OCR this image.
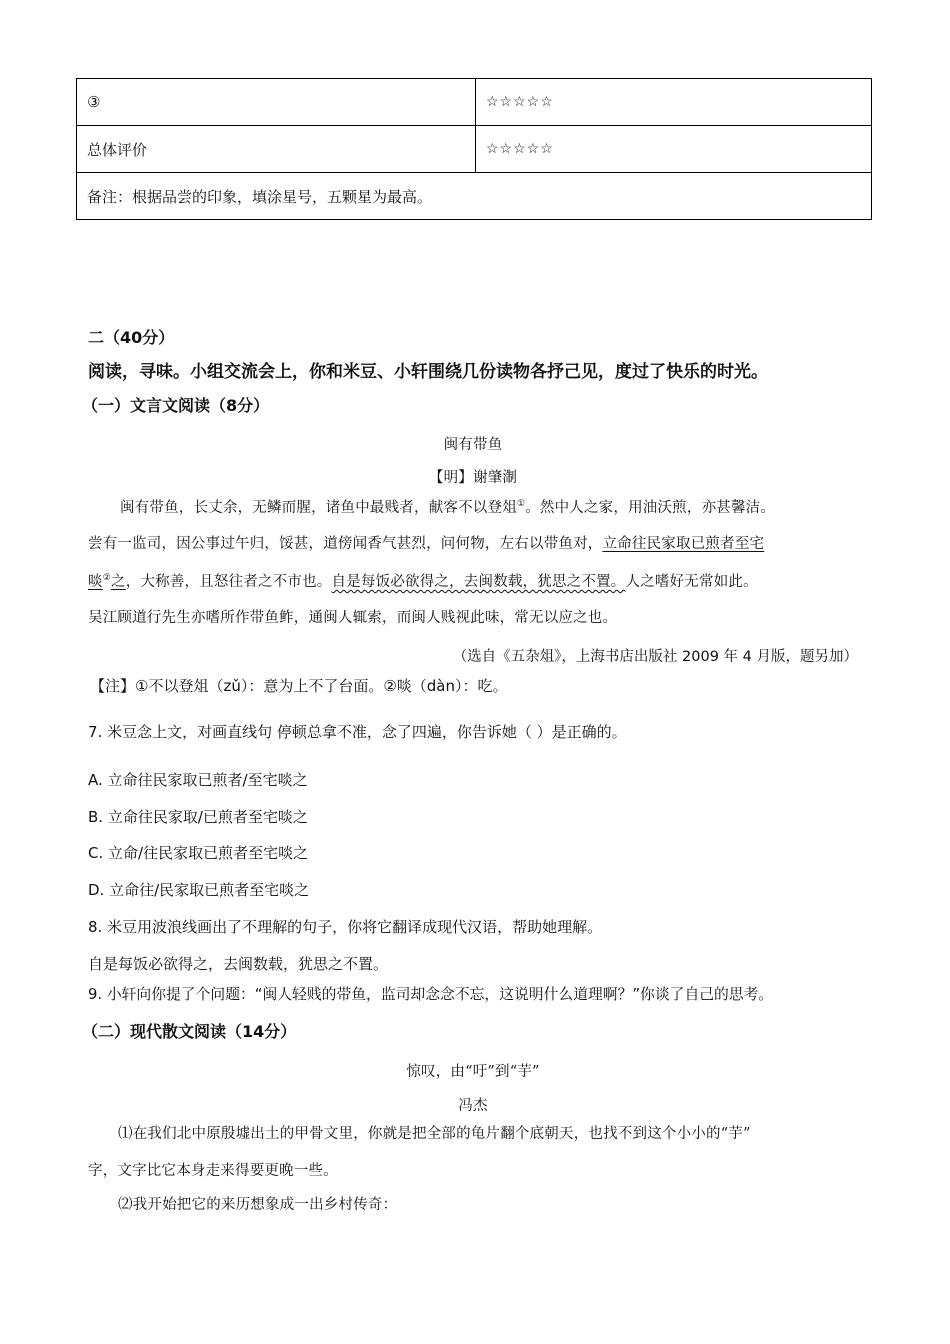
③	☆☆☆☆☆
总体评价	☆☆☆☆☆
备注：根据品尝的印象，填涂星号，五颗星为最高。	
二（40分）
阅读，寻味。小组交流会上，你和米豆、小轩围绕几份读物各抒己见，度过了快乐的时光。
（一）文言文阅读（8分）
闽有带鱼
【明】谢肇淛
闽有带鱼，长丈余，无鳞而腥，诸鱼中最贱者，献客不以登俎①。然中人之家，用油沃煎，亦甚馨洁。
尝有一监司，因公事过午归，馁甚，道傍闻香气甚烈，问何物，左右以带鱼对，立命往民家取已煎者至宅
啖②之，大称善，且怒往者之不市也。自是每饭必欲得之，去闽数载，犹思之不置。人之嗜好无常如此。
吴江顾道行先生亦嗜所作带鱼鲊，通闽人辄索，而闽人贱视此味，常无以应之也。
（选自《五杂俎》，上海书店出版社 2009 年 4 月版，题另加）
【注】①不以登俎（zǔ）：意为上不了台面。②啖（dàn）：吃。
7. 米豆念上文，对画直线句 停顿总拿不准，念了四遍，你告诉她（ ）是正确的。
A. 立命往民家取已煎者/至宅啖之
B. 立命往民家取/已煎者至宅啖之
C. 立命/往民家取已煎者至宅啖之
D. 立命往/民家取已煎者至宅啖之
8. 米豆用波浪线画出了不理解的句子，你将它翻译成现代汉语，帮助她理解。
自是每饭必欲得之，去闽数载，犹思之不置。
9. 小轩向你提了个问题：“闽人轻贱的带鱼，监司却念念不忘，这说明什么道理啊？”你谈了自己的思考。
（二）现代散文阅读（14分）
惊叹，由“吁”到“芋”
冯杰
⑴在我们北中原殷墟出土的甲骨文里，你就是把全部的龟片翻个底朝天，也找不到这个小小的“芋”
字，文字比它本身走来得要更晚一些。
⑵我开始把它的来历想象成一出乡村传奇：
